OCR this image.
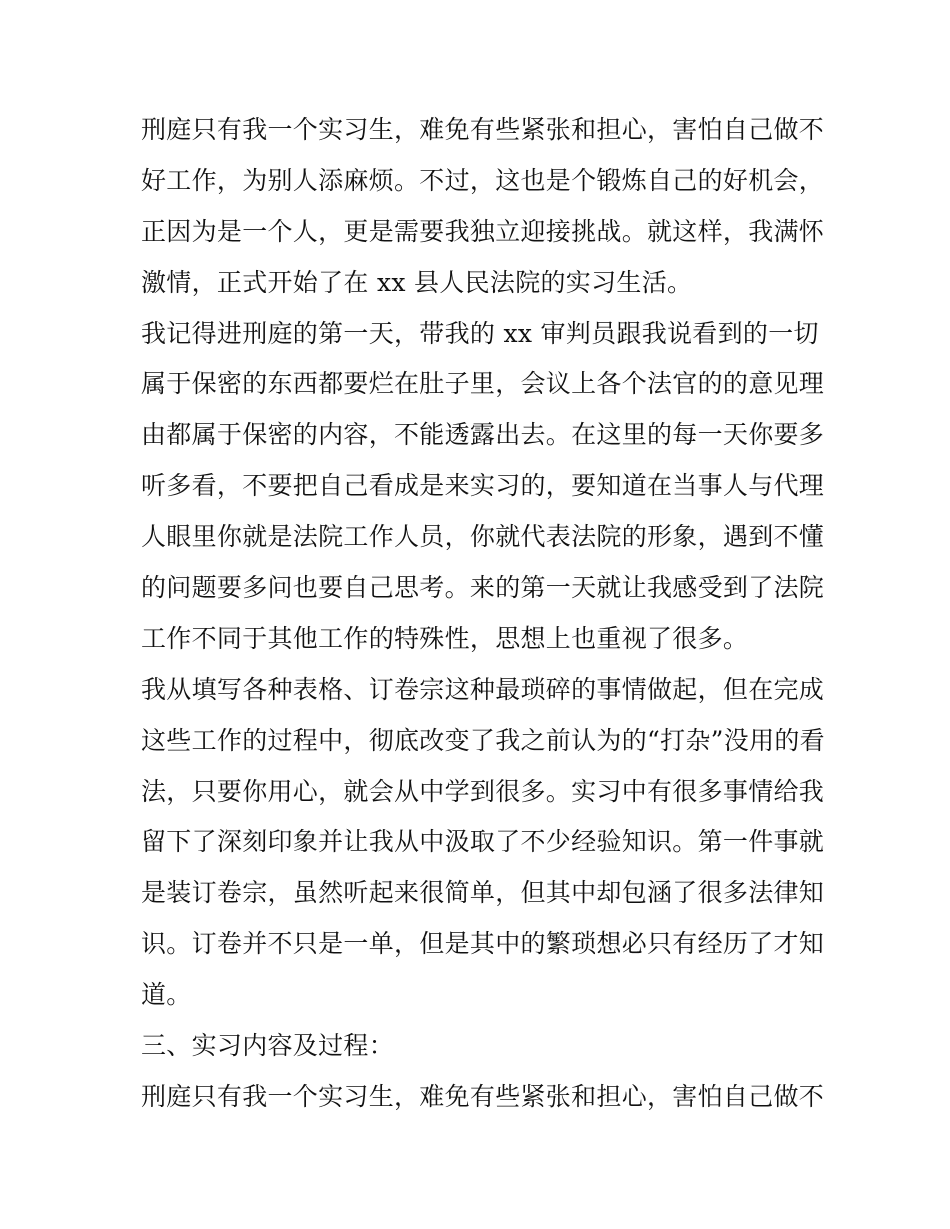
刑庭只有我一个实习生，难免有些紧张和担心，害怕自己做不
好工作，为别人添麻烦。不过，这也是个锻炼自己的好机会，
正因为是一个人，更是需要我独立迎接挑战。就这样，我满怀
激情，正式开始了在 xx 县人民法院的实习生活。
我记得进刑庭的第一天，带我的 xx 审判员跟我说看到的一切
属于保密的东西都要烂在肚子里，会议上各个法官的的意见理
由都属于保密的内容，不能透露出去。在这里的每一天你要多
听多看，不要把自己看成是来实习的，要知道在当事人与代理
人眼里你就是法院工作人员，你就代表法院的形象，遇到不懂
的问题要多问也要自己思考。来的第一天就让我感受到了法院
工作不同于其他工作的特殊性，思想上也重视了很多。
我从填写各种表格、订卷宗这种最琐碎的事情做起，但在完成
这些工作的过程中，彻底改变了我之前认为的“打杂”没用的看
法，只要你用心，就会从中学到很多。实习中有很多事情给我
留下了深刻印象并让我从中汲取了不少经验知识。第一件事就
是装订卷宗，虽然听起来很简单，但其中却包涵了很多法律知
识。订卷并不只是一单，但是其中的繁琐想必只有经历了才知
道。
三、实习内容及过程：
刑庭只有我一个实习生，难免有些紧张和担心，害怕自己做不
